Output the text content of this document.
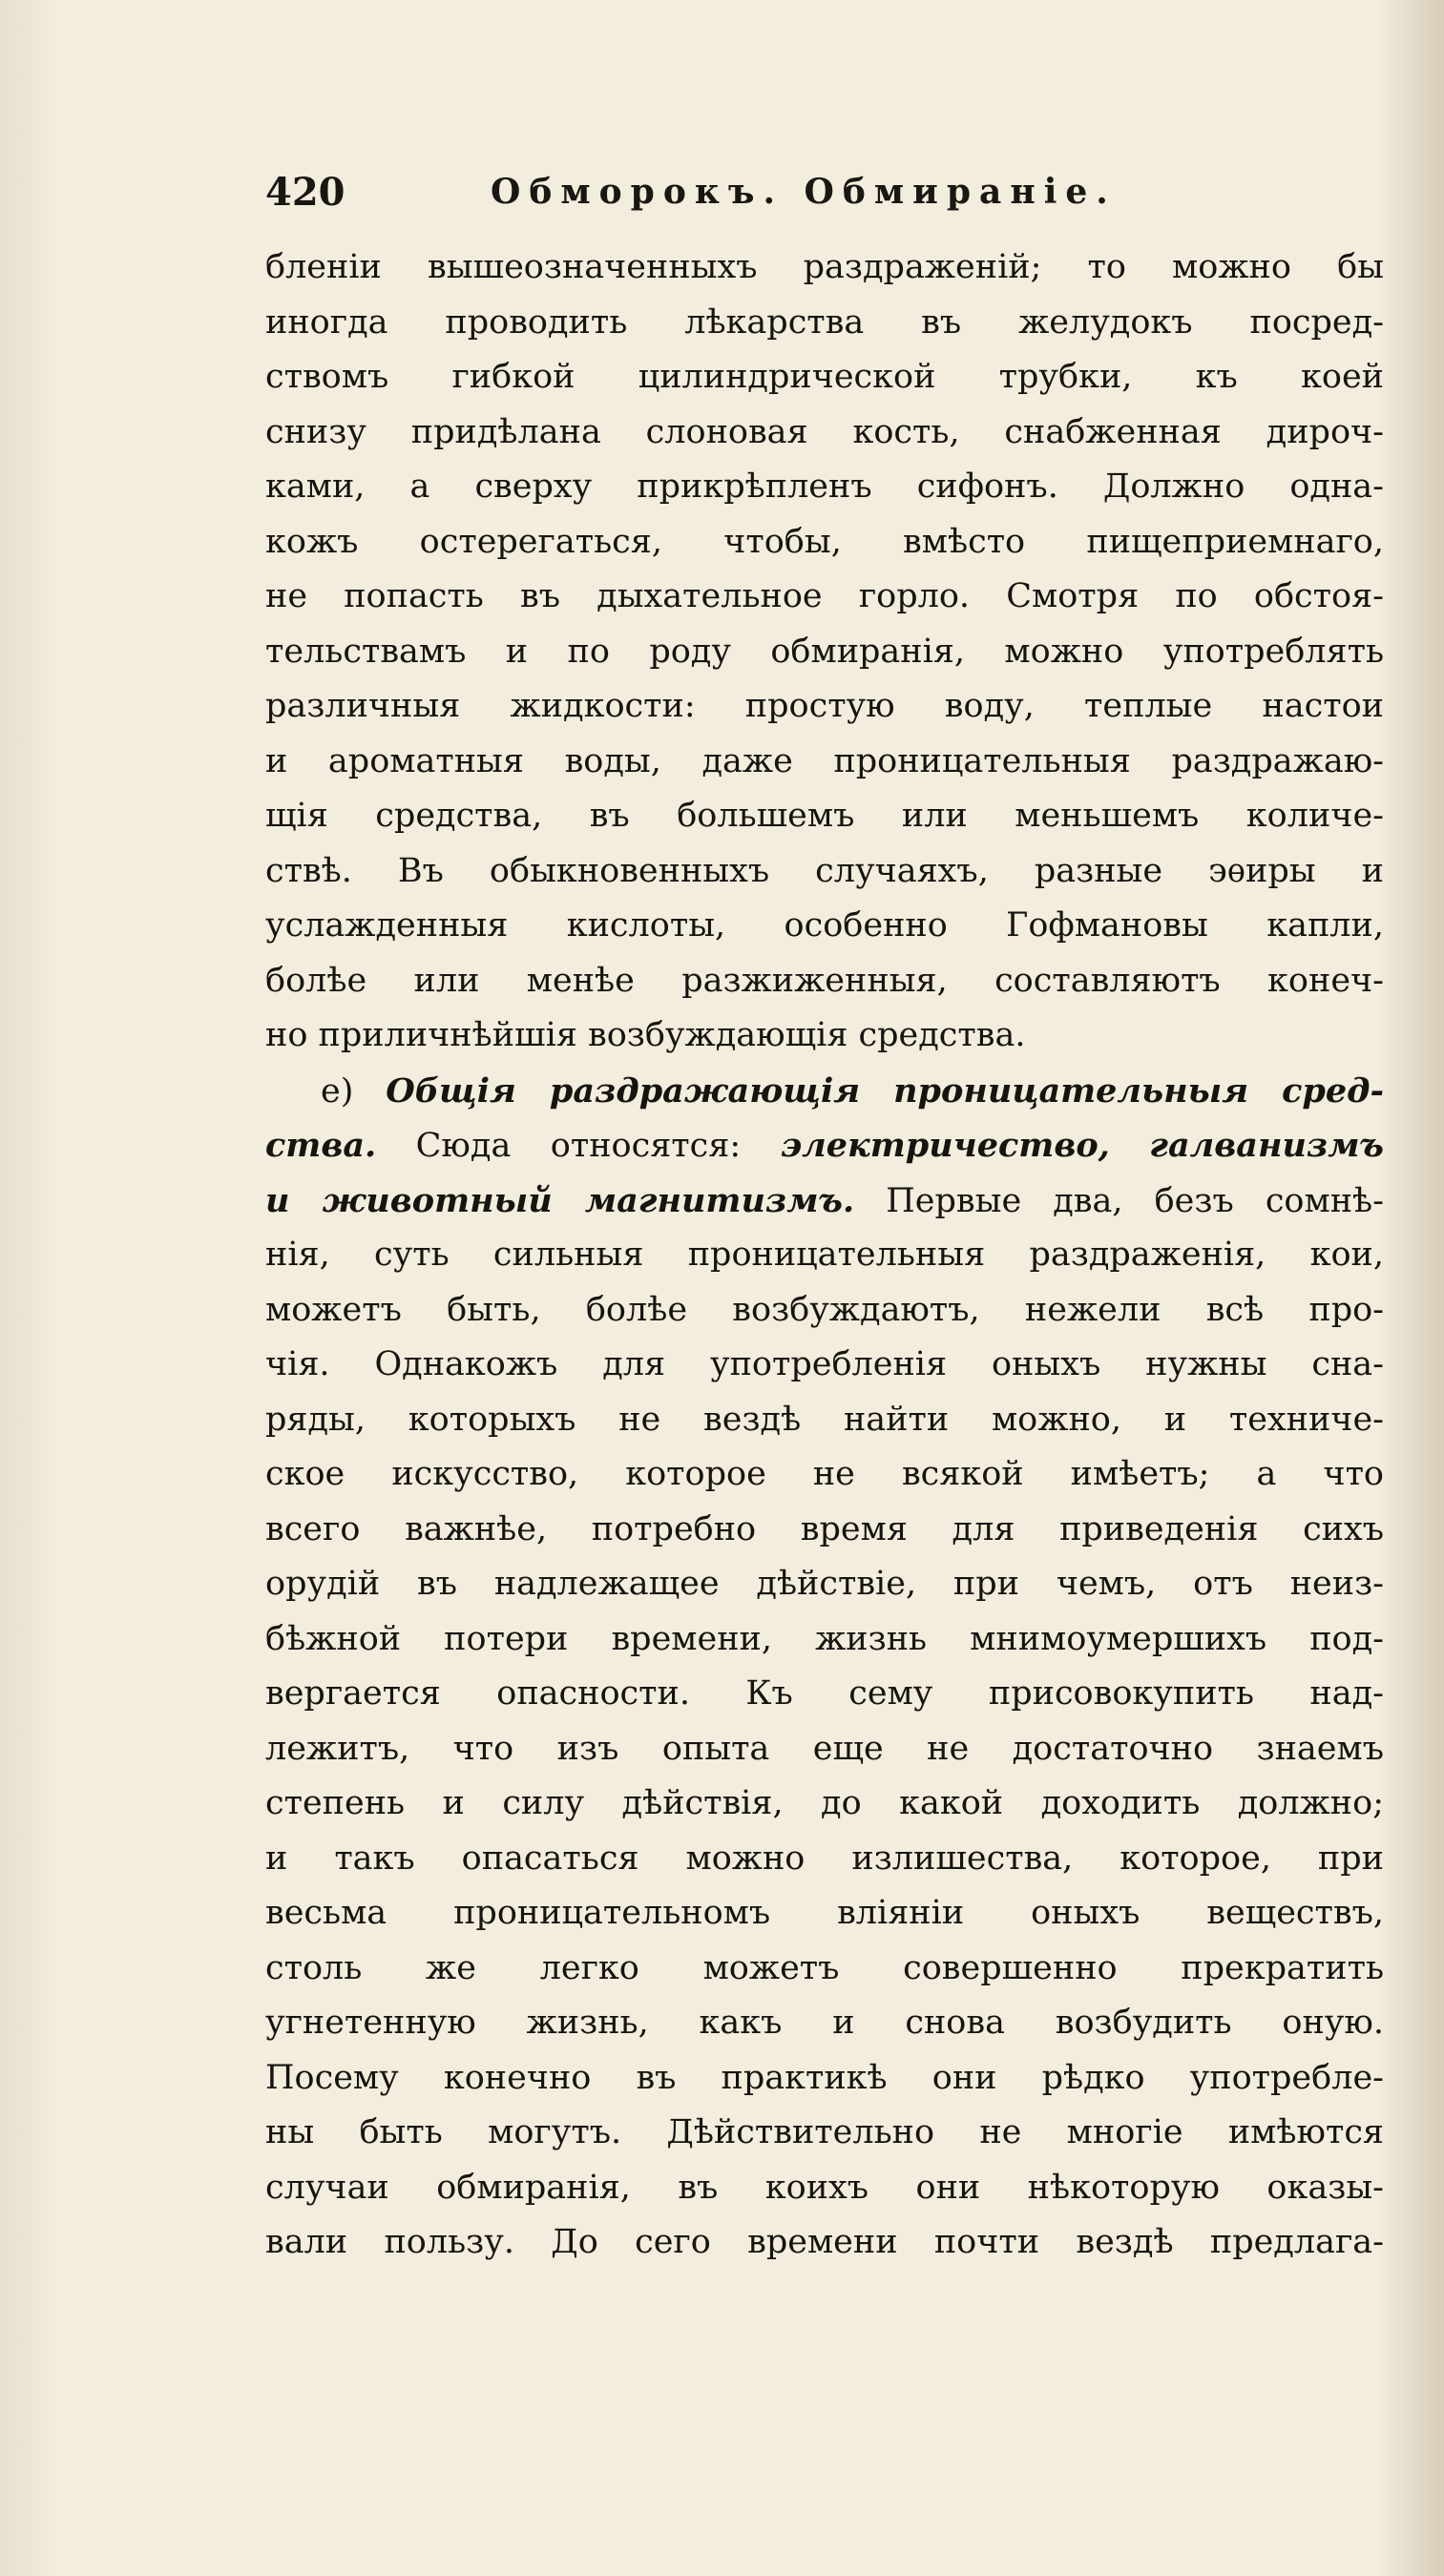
420	Обморокъ. Обмиранiе.
бленiи вышеозначенныхъ раздраженiй; то можно бы
иногда проводить лѣкарства въ желудокъ посред-
ствомъ гибкой цилиндрической трубки, къ коей
снизу придѣлана слоновая кость, снабженная дироч-
ками, а сверху прикрѣпленъ сифонъ. Должно одна-
кожъ остерегаться, чтобы, вмѣсто пищеприемнаго,
не попасть въ дыхательное горло. Смотря по обстоя-
тельствамъ и по роду обмиранiя, можно употреблять
различныя жидкости: простую воду, теплые настои
и ароматныя воды, даже проницательныя раздражаю-
щiя средства, въ большемъ или меньшемъ количе-
ствѣ. Въ обыкновенныхъ случаяхъ, разные эѳиры и
услажденныя кислоты, особенно Гофмановы капли,
болѣе или менѣе разжиженныя, составляютъ конеч-
но приличнѣйшiя возбуждающiя средства.
е) Общiя раздражающiя проницательныя сред-
ства. Сюда относятся: электричество, галванизмъ
и животный магнитизмъ. Первые два, безъ сомнѣ-
нiя, суть сильныя проницательныя раздраженiя, кои,
можетъ быть, болѣе возбуждаютъ, нежели всѣ про-
чiя. Однакожъ для употребленiя оныхъ нужны сна-
ряды, которыхъ не вездѣ найти можно, и техниче-
ское искусство, которое не всякой имѣетъ; а что
всего важнѣе, потребно время для приведенiя сихъ
орудiй въ надлежащее дѣйствiе, при чемъ, отъ неиз-
бѣжной потери времени, жизнь мнимоумершихъ под-
вергается опасности. Къ сему присовокупить над-
лежитъ, что изъ опыта еще не достаточно знаемъ
степень и силу дѣйствiя, до какой доходить должно;
и такъ опасаться можно излишества, которое, при
весьма проницательномъ влiянiи оныхъ веществъ,
столь же легко можетъ совершенно прекратить
угнетенную жизнь, какъ и снова возбудить оную.
Посему конечно въ практикѣ они рѣдко употребле-
ны быть могутъ. Дѣйствительно не многiе имѣются
случаи обмиранiя, въ коихъ они нѣкоторую оказы-
вали пользу. До сего времени почти вездѣ предлага-
